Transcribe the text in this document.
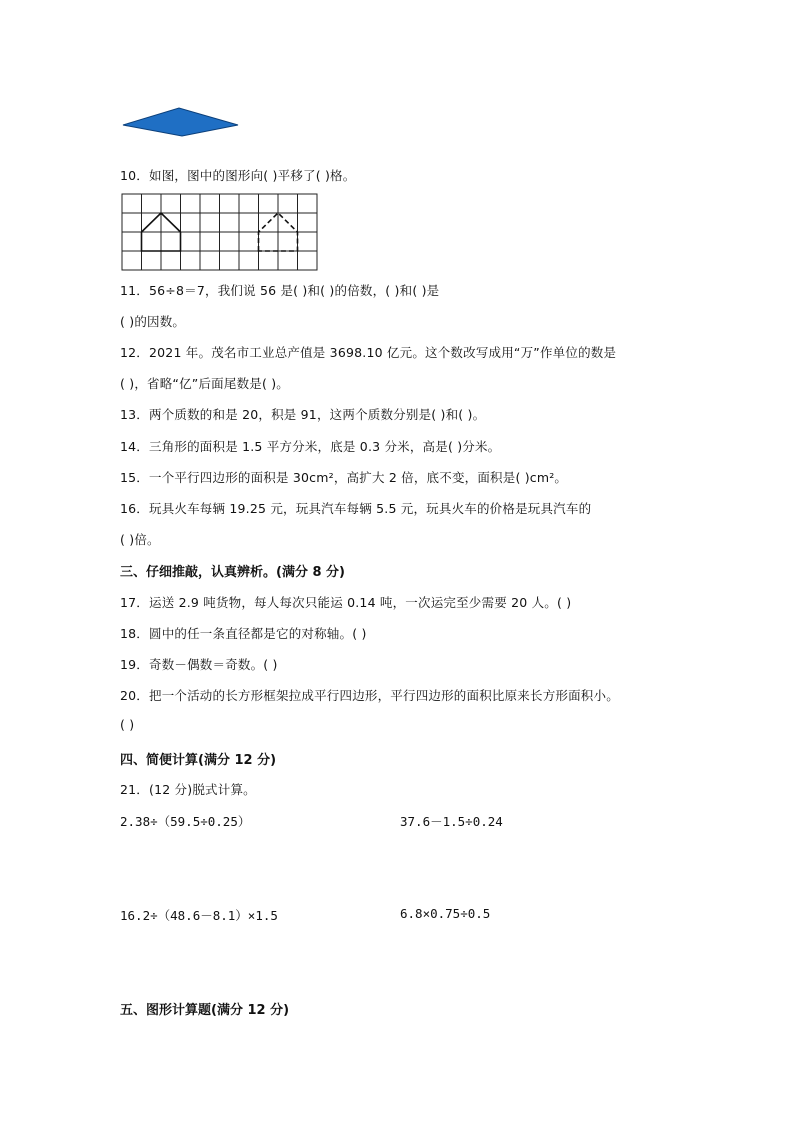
10．如图，图中的图形向( )平移了( )格。
11．56÷8＝7，我们说 56 是( )和( )的倍数，( )和( )是
( )的因数。
12．2021 年。茂名市工业总产值是 3698.10 亿元。这个数改写成用“万”作单位的数是
( )，省略“亿”后面尾数是( )。
13．两个质数的和是 20，积是 91，这两个质数分别是( )和( )。
14．三角形的面积是 1.5 平方分米，底是 0.3 分米，高是( )分米。
15．一个平行四边形的面积是 30cm²，高扩大 2 倍，底不变，面积是( )cm²。
16．玩具火车每辆 19.25 元，玩具汽车每辆 5.5 元，玩具火车的价格是玩具汽车的
( )倍。
三、仔细推敲，认真辨析。(满分 8 分)
17．运送 2.9 吨货物，每人每次只能运 0.14 吨，一次运完至少需要 20 人。( )
18．圆中的任一条直径都是它的对称轴。( )
19．奇数－偶数＝奇数。( )
20．把一个活动的长方形框架拉成平行四边形，平行四边形的面积比原来长方形面积小。
( )
四、简便计算(满分 12 分)
21．(12 分)脱式计算。
2.38÷（59.5÷0.25）	37.6－1.5÷0.24
16.2÷（48.6－8.1）×1.5	6.8×0.75÷0.5
五、图形计算题(满分 12 分)
